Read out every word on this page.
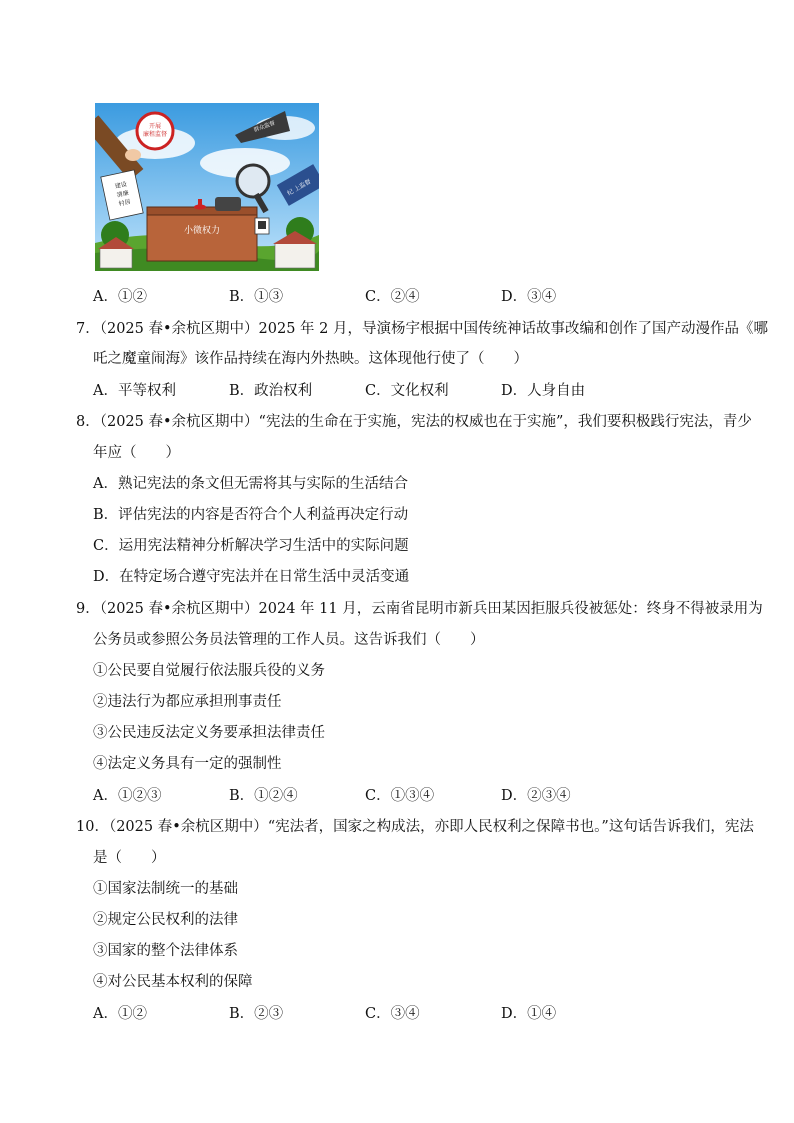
小微权力
开展
廉租监督
建设
清廉
村居
群众监督
纪 上监督
A．①②	B．①③	C．②④	D．③④
7．（2025 春•余杭区期中）2025 年 2 月，导演杨宇根据中国传统神话故事改编和创作了国产动漫作品《哪
吒之魔童闹海》该作品持续在海内外热映。这体现他行使了（　　）
A．平等权利	B．政治权利	C．文化权利	D．人身自由
8．（2025 春•余杭区期中）“宪法的生命在于实施，宪法的权威也在于实施”，我们要积极践行宪法，青少
年应（　　）
A．熟记宪法的条文但无需将其与实际的生活结合
B．评估宪法的内容是否符合个人利益再决定行动
C．运用宪法精神分析解决学习生活中的实际问题
D．在特定场合遵守宪法并在日常生活中灵活变通
9．（2025 春•余杭区期中）2024 年 11 月，云南省昆明市新兵田某因拒服兵役被惩处：终身不得被录用为
公务员或参照公务员法管理的工作人员。这告诉我们（　　）
①公民要自觉履行依法服兵役的义务
②违法行为都应承担刑事责任
③公民违反法定义务要承担法律责任
④法定义务具有一定的强制性
A．①②③	B．①②④	C．①③④	D．②③④
10．（2025 春•余杭区期中）“宪法者，国家之构成法，亦即人民权利之保障书也。”这句话告诉我们，宪法
是（　　）
①国家法制统一的基础
②规定公民权利的法律
③国家的整个法律体系
④对公民基本权利的保障
A．①②	B．②③	C．③④	D．①④
